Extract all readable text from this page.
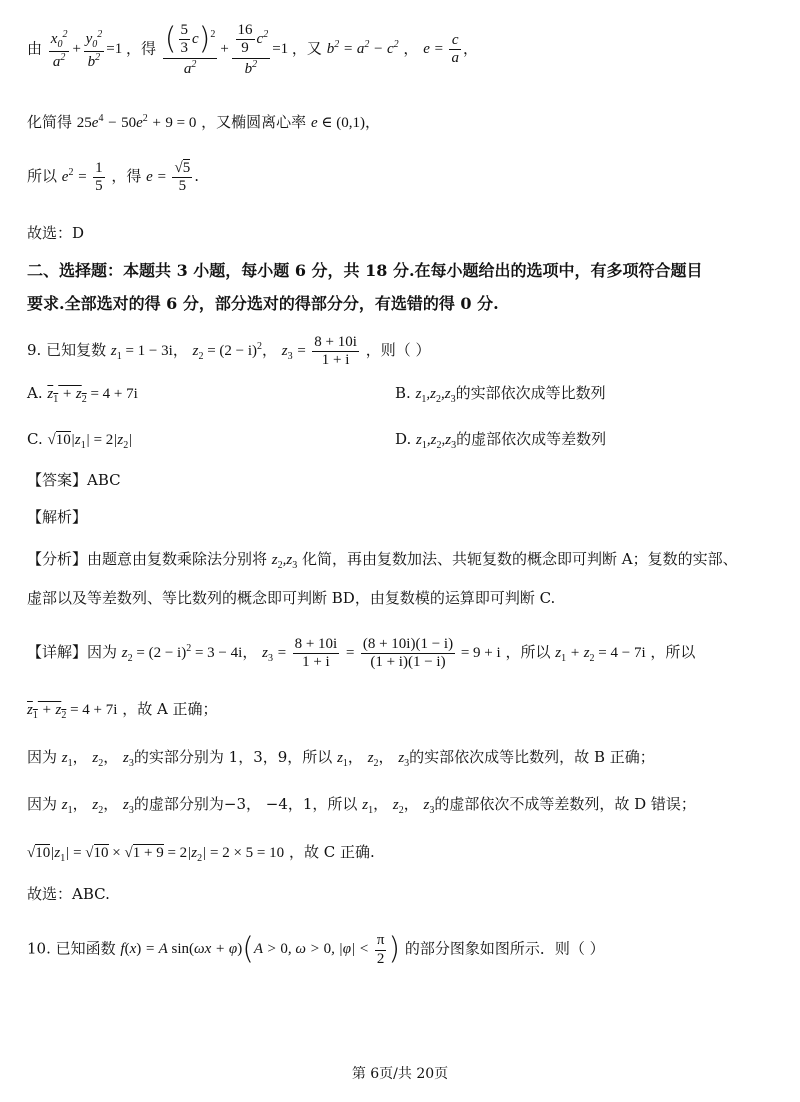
由 $\frac{x_0^2}{a^2} + \frac{y_0^2}{b^2} =1$ ，得 $\frac{( \frac{5}{3} c)^2}{a^2} + \frac{\frac{16}{9} c^2}{b^2} =1$ ，又 $b^2 = a^2 - c^2$ ， $e = \frac{c}{a}$ ，
化简得 $25e^4 - 50e^2 + 9 = 0$ ，又椭圆离心率 e ∈ (0,1)，
所以 $e^2 = \frac{1}{5}$ ，得 $e = \frac{√5}{5}$ .
故选：D
二、选择题：本题共 3 小题，每小题 6 分，共 18 分.在每小题给出的选项中，有多项符合题目
要求.全部选对的得 6 分，部分选对的得部分分，有选错的得 0 分.
9. 已知复数 $z_1 = 1 - 3i$， $z_2 = (2 - i)^2$， $z_3 = \frac{8 + 10i}{1 + i}$ ，则（ ）
A. $z_1 + z_2 = 4 + 7i$	B. $z_1,z_2,z_3$的实部依次成等比数列
C. $√10|z_1| = 2|z_2|$	D. $z_1,z_2,z_3$的虚部依次成等差数列
【答案】ABC
【解析】
【分析】由题意由复数乘除法分别将 $z_2,z_3$ 化简，再由复数加法、共轭复数的概念即可判断 A；复数的实部、
虚部以及等差数列、等比数列的概念即可判断 BD，由复数模的运算即可判断 C.
【详解】因为 $z_2 = (2 - i)^2 = 3 - 4i$， $z_3 = \frac{8 + 10i}{1 + i} = \frac{(8 + 10i)(1 - i)}{(1 + i)(1 - i)} = 9 + i$ ，所以 $z_1 + z_2 = 4 - 7i$ ，所以
$z_1 + z_2 = 4 + 7i$ ，故 A 正确；
因为 $z_1$， $z_2$， $z_3$的实部分别为 1，3，9，所以 $z_1$， $z_2$， $z_3$的实部依次成等比数列，故 B 正确；
因为 $z_1$， $z_2$， $z_3$的虚部分别为−3， −4，1，所以 $z_1$， $z_2$， $z_3$的虚部依次不成等差数列，故 D 错误；
$√10|z_1| = √10 \times √1 + 9 = 2|z_2| = 2 \times 5 = 10$ ，故 C 正确.
故选：ABC.
10. 已知函数 f(x) = A sin(ωx + φ)(A > 0, ω > 0, $|\varphi| < \frac{\pi}{2}$ ) 的部分图象如图所示．则（ ）
第 6页/共 20页
